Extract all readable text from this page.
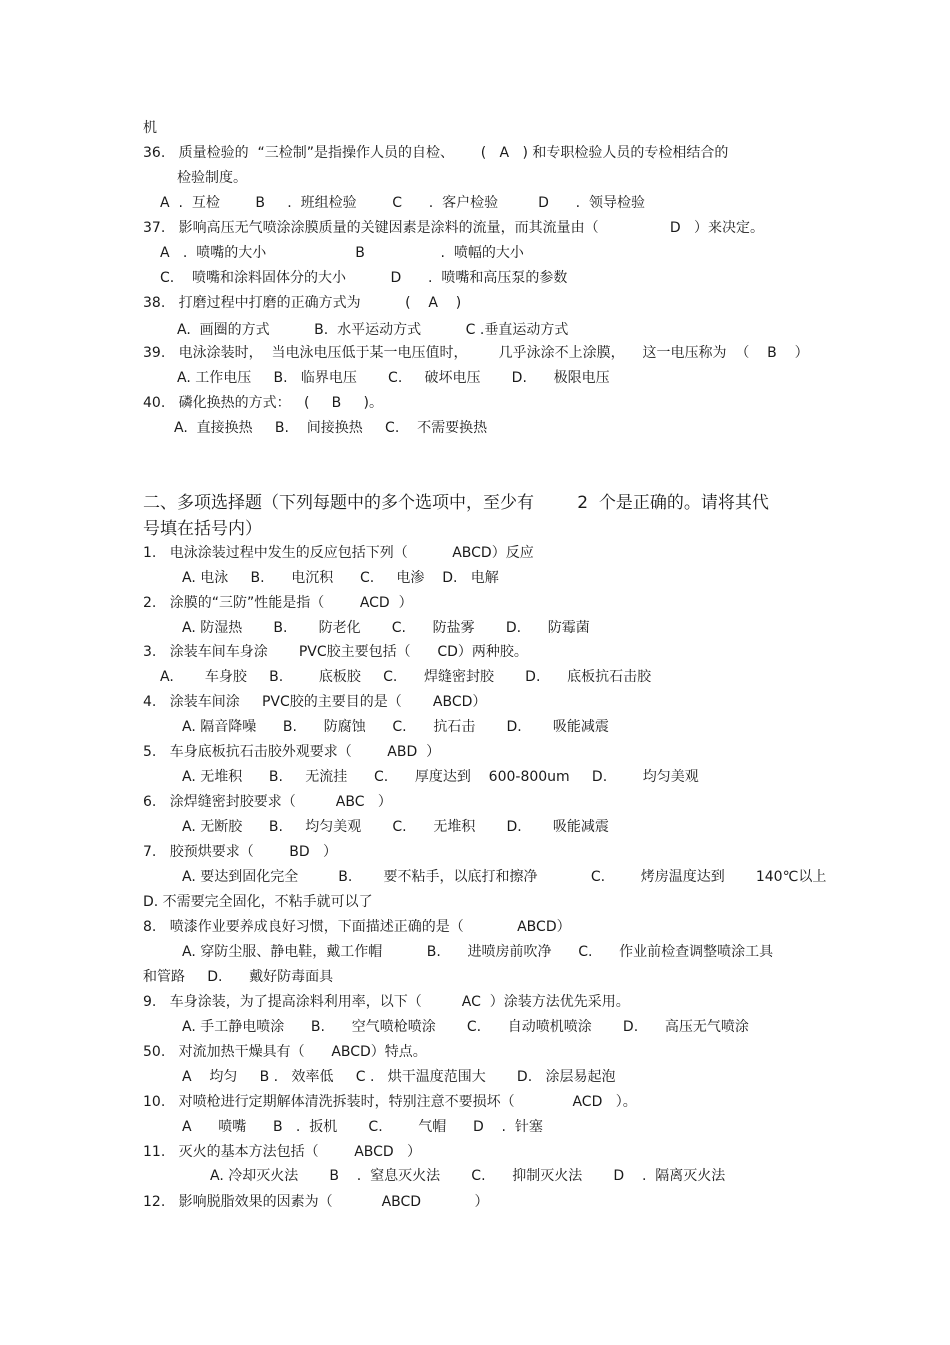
机
36.   质量检验的  “三检制”是指操作人员的自检、      (   A   ) 和专职检验人员的专检相结合的
检验制度。
A  .  互检        B     .  班组检验        C      .  客户检验         D      .  领导检验
37.   影响高压无气喷涂涂膜质量的关键因素是涂料的流量，而其流量由（                D   ）来决定。
A   .  喷嘴的大小                    B                 .  喷幅的大小
C.    喷嘴和涂料固体分的大小          D      .  喷嘴和高压泵的参数
38.   打磨过程中打磨的正确方式为          (    A    )
A.  画圈的方式          B.  水平运动方式          C .垂直运动方式
39.   电泳涂装时，  当电泳电压低于某一电压值时，       几乎泳涂不上涂膜，    这一电压称为  （    B    ）
A. 工作电压     B.   临界电压       C.     破坏电压       D.      极限电压
40.   磷化换热的方式：   (     B     )。
A.  直接换热     B.    间接换热     C.    不需要换热
二、多项选择题（下列每题中的多个选项中，至少有        2  个是正确的。请将其代
号填在括号内）
1.   电泳涂装过程中发生的反应包括下列（          ABCD）反应
A. 电泳     B.      电沉积      C.     电渗    D.   电解
2.   涂膜的“三防”性能是指（        ACD  ）
A. 防湿热       B.       防老化       C.      防盐雾       D.      防霉菌
3.   涂装车间车身涂       PVC胶主要包括（      CD）两种胶。
A.       车身胶     B.        底板胶     C.      焊缝密封胶       D.      底板抗石击胶
4.   涂装车间涂     PVC胶的主要目的是（       ABCD）
A. 隔音降噪      B.      防腐蚀      C.      抗石击       D.       吸能减震
5.   车身底板抗石击胶外观要求（        ABD  ）
A. 无堆积      B.     无流挂      C.      厚度达到    600-800um     D.        均匀美观
6.   涂焊缝密封胶要求（         ABC   ）
A. 无断胶      B.     均匀美观       C.      无堆积       D.       吸能减震
7.   胶预烘要求（        BD   ）
A. 要达到固化完全         B.       要不粘手，以底打和擦净            C.        烤房温度达到       140℃以上
D. 不需要完全固化，不粘手就可以了
8.   喷漆作业要养成良好习惯，下面描述正确的是（            ABCD）
A. 穿防尘服、静电鞋，戴工作帽          B.      进喷房前吹净      C.      作业前检查调整喷涂工具
和管路     D.      戴好防毒面具
9.   车身涂装，为了提高涂料利用率，以下（         AC  ）涂装方法优先采用。
A. 手工静电喷涂      B.      空气喷枪喷涂       C.      自动喷机喷涂       D.      高压无气喷涂
50.   对流加热干燥具有（      ABCD）特点。
A    均匀     B .   效率低     C .   烘干温度范围大       D.   涂层易起泡
10.   对喷枪进行定期解体清洗拆装时，特别注意不要损坏（             ACD   ）。
A      喷嘴      B   .  扳机       C.        气帽      D    .  针塞
11.   灭火的基本方法包括（        ABCD   ）
A. 冷却灭火法       B    .  窒息灭火法       C.      抑制灭火法       D    .  隔离灭火法
12.   影响脱脂效果的因素为（           ABCD            ）
